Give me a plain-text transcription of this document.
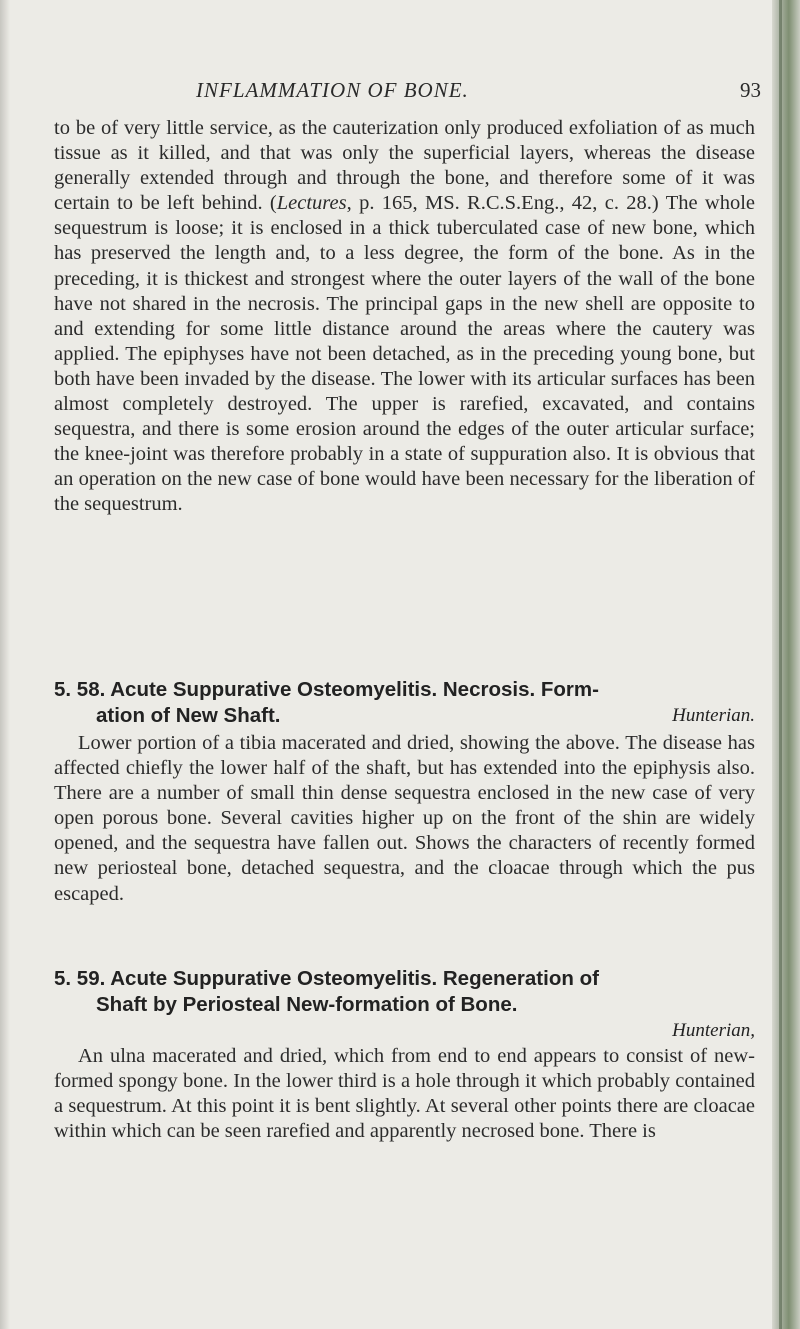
INFLAMMATION OF BONE.	93

to be of very little service, as the cauterization only produced exfoliation of as much tissue as it killed, and that was only the superficial layers, whereas the disease generally extended through and through the bone, and therefore some of it was certain to be left behind. (Lectures, p. 165, MS. R.C.S.Eng., 42, c. 28.) The whole sequestrum is loose; it is enclosed in a thick tuberculated case of new bone, which has preserved the length and, to a less degree, the form of the bone. As in the preceding, it is thickest and strongest where the outer layers of the wall of the bone have not shared in the necrosis. The principal gaps in the new shell are opposite to and extending for some little distance around the areas where the cautery was applied. The epiphyses have not been detached, as in the preceding young bone, but both have been invaded by the disease. The lower with its articular surfaces has been almost completely destroyed. The upper is rarefied, excavated, and contains sequestra, and there is some erosion around the edges of the outer articular surface; the knee-joint was therefore probably in a state of suppuration also. It is obvious that an operation on the new case of bone would have been necessary for the liberation of the sequestrum.

5. 58. Acute Suppurative Osteomyelitis. Necrosis. Form-
ation of New Shaft.	Hunterian.

Lower portion of a tibia macerated and dried, showing the above. The disease has affected chiefly the lower half of the shaft, but has extended into the epiphysis also. There are a number of small thin dense sequestra enclosed in the new case of very open porous bone. Several cavities higher up on the front of the shin are widely opened, and the sequestra have fallen out. Shows the characters of recently formed new periosteal bone, detached sequestra, and the cloacae through which the pus escaped.

5. 59. Acute Suppurative Osteomyelitis. Regeneration of
Shaft by Periosteal New-formation of Bone.
Hunterian,

An ulna macerated and dried, which from end to end appears to consist of new-formed spongy bone. In the lower third is a hole through it which probably contained a sequestrum. At this point it is bent slightly. At several other points there are cloacae within which can be seen rarefied and apparently necrosed bone. There is
